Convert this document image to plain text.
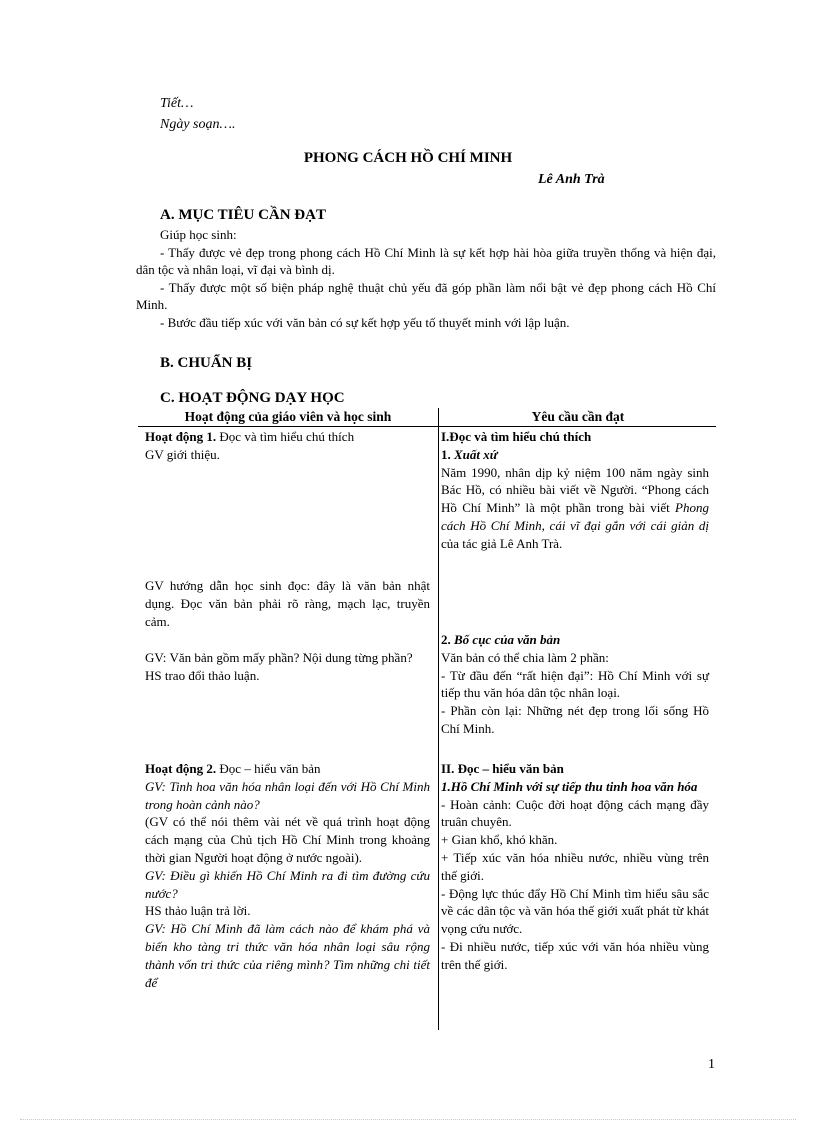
Tiết…
Ngày soạn….
PHONG CÁCH HỒ CHÍ MINH
Lê Anh Trà
A. MỤC TIÊU CẦN ĐẠT

Giúp học sinh:

- Thấy được vẻ đẹp trong phong cách Hồ Chí Minh là sự kết hợp hài hòa giữa truyền thống và hiện đại, dân tộc và nhân loại, vĩ đại và bình dị.

- Thấy được một số biện pháp nghệ thuật chủ yếu đã góp phần làm nổi bật vẻ đẹp phong cách Hồ Chí Minh.

- Bước đầu tiếp xúc với văn bản có sự kết hợp yếu tố thuyết minh với lập luận.

B. CHUẨN BỊ
C. HOẠT ĐỘNG DẠY HỌC
Hoạt động của giáo viên và học sinh	Yêu cầu cần đạt

Hoạt động 1. Đọc và tìm hiểu chú thích

GV giới thiệu.

GV hướng dẫn học sinh đọc: đây là văn bản nhật dụng. Đọc văn bản phải rõ ràng, mạch lạc, truyền cảm.

GV: Văn bản gồm mấy phần? Nội dung từng phần?

HS trao đổi thảo luận.

Hoạt động 2. Đọc – hiểu văn bản

GV: Tinh hoa văn hóa nhân loại đến với Hồ Chí Minh trong hoàn cảnh nào?

(GV có thể nói thêm vài nét về quá trình hoạt động cách mạng của Chủ tịch Hồ Chí Minh trong khoảng thời gian Người hoạt động ở nước ngoài).

GV: Điều gì khiến Hồ Chí Minh ra đi tìm đường cứu nước?

HS thảo luận trả lời.

GV: Hồ Chí Minh đã làm cách nào để khám phá và biến kho tàng tri thức văn hóa nhân loại sâu rộng thành vốn tri thức của riêng mình? Tìm những chi tiết để

I.Đọc và tìm hiểu chú thích

1. Xuất xứ

Năm 1990, nhân dịp kỷ niệm 100 năm ngày sinh Bác Hồ, có nhiều bài viết về Người. “Phong cách Hồ Chí Minh” là một phần trong bài viết Phong cách Hồ Chí Minh, cái vĩ đại gắn với cái giản dị của tác giả Lê Anh Trà.

2. Bố cục của văn bản

Văn bản có thể chia làm 2 phần:

- Từ đầu đến “rất hiện đại”: Hồ Chí Minh với sự tiếp thu văn hóa dân tộc nhân loại.

- Phần còn lại: Những nét đẹp trong lối sống Hồ Chí Minh.

II. Đọc – hiểu văn bản

1.Hồ Chí Minh với sự tiếp thu tinh hoa văn hóa

- Hoàn cảnh: Cuộc đời hoạt động cách mạng đầy truân chuyên.

+ Gian khổ, khó khăn.

+ Tiếp xúc văn hóa nhiều nước, nhiều vùng trên thế giới.

- Động lực thúc đẩy Hồ Chí Minh tìm hiểu sâu sắc về các dân tộc và văn hóa thế giới xuất phát từ khát vọng cứu nước.

- Đi nhiều nước, tiếp xúc với văn hóa nhiều vùng trên thế giới.

1
